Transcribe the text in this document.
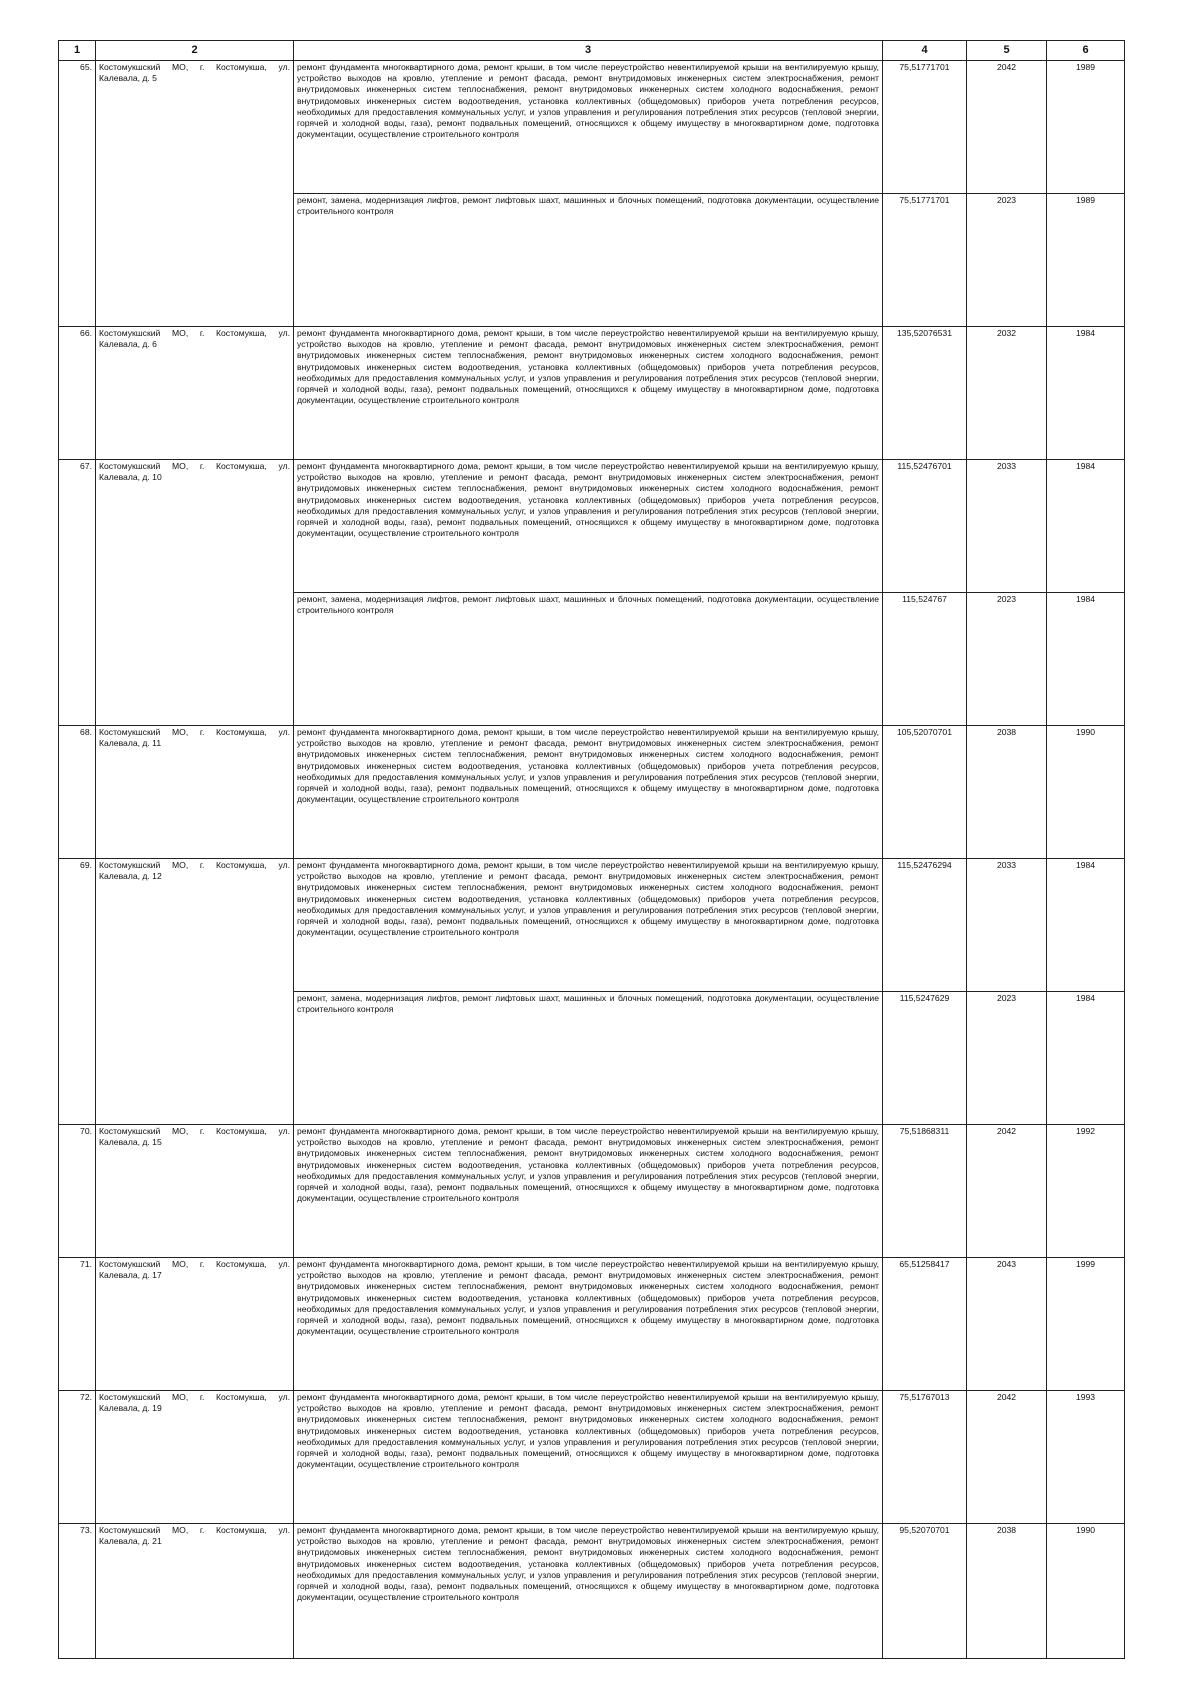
1	2	3	4	5	6
65.	Костомукшский МО, г. Костомукша, ул. Калевала, д. 5	ремонт фундамента многоквартирного дома, ремонт крыши, в том числе переустройство невентилируемой крыши на вентилируемую крышу, устройство выходов на кровлю, утепление и ремонт фасада, ремонт внутридомовых инженерных систем электроснабжения, ремонт внутридомовых инженерных систем теплоснабжения, ремонт внутридомовых инженерных систем холодного водоснабжения, ремонт внутридомовых инженерных систем водоотведения, установка коллективных (общедомовых) приборов учета потребления ресурсов, необходимых для предоставления коммунальных услуг, и узлов управления и регулирования потребления этих ресурсов (тепловой энергии, горячей и холодной воды, газа), ремонт подвальных помещений, относящихся к общему имуществу в многоквартирном доме, подготовка документации, осуществление строительного контроля	75,51771701	2042	1989
		ремонт, замена, модернизация лифтов, ремонт лифтовых шахт, машинных и блочных помещений, подготовка документации, осуществление строительного контроля	75,51771701	2023	1989
66.	Костомукшский МО, г. Костомукша, ул. Калевала, д. 6	ремонт фундамента многоквартирного дома, ремонт крыши, в том числе переустройство невентилируемой крыши на вентилируемую крышу, устройство выходов на кровлю, утепление и ремонт фасада, ремонт внутридомовых инженерных систем электроснабжения, ремонт внутридомовых инженерных систем теплоснабжения, ремонт внутридомовых инженерных систем холодного водоснабжения, ремонт внутридомовых инженерных систем водоотведения, установка коллективных (общедомовых) приборов учета потребления ресурсов, необходимых для предоставления коммунальных услуг, и узлов управления и регулирования потребления этих ресурсов (тепловой энергии, горячей и холодной воды, газа), ремонт подвальных помещений, относящихся к общему имуществу в многоквартирном доме, подготовка документации, осуществление строительного контроля	135,52076531	2032	1984
67.	Костомукшский МО, г. Костомукша, ул. Калевала, д. 10	ремонт фундамента многоквартирного дома, ремонт крыши, в том числе переустройство невентилируемой крыши на вентилируемую крышу, устройство выходов на кровлю, утепление и ремонт фасада, ремонт внутридомовых инженерных систем электроснабжения, ремонт внутридомовых инженерных систем теплоснабжения, ремонт внутридомовых инженерных систем холодного водоснабжения, ремонт внутридомовых инженерных систем водоотведения, установка коллективных (общедомовых) приборов учета потребления ресурсов, необходимых для предоставления коммунальных услуг, и узлов управления и регулирования потребления этих ресурсов (тепловой энергии, горячей и холодной воды, газа), ремонт подвальных помещений, относящихся к общему имуществу в многоквартирном доме, подготовка документации, осуществление строительного контроля	115,52476701	2033	1984
		ремонт, замена, модернизация лифтов, ремонт лифтовых шахт, машинных и блочных помещений, подготовка документации, осуществление строительного контроля	115,524767	2023	1984
68.	Костомукшский МО, г. Костомукша, ул. Калевала, д. 11	ремонт фундамента многоквартирного дома, ремонт крыши, в том числе переустройство невентилируемой крыши на вентилируемую крышу, устройство выходов на кровлю, утепление и ремонт фасада, ремонт внутридомовых инженерных систем электроснабжения, ремонт внутридомовых инженерных систем теплоснабжения, ремонт внутридомовых инженерных систем холодного водоснабжения, ремонт внутридомовых инженерных систем водоотведения, установка коллективных (общедомовых) приборов учета потребления ресурсов, необходимых для предоставления коммунальных услуг, и узлов управления и регулирования потребления этих ресурсов (тепловой энергии, горячей и холодной воды, газа), ремонт подвальных помещений, относящихся к общему имуществу в многоквартирном доме, подготовка документации, осуществление строительного контроля	105,52070701	2038	1990
69.	Костомукшский МО, г. Костомукша, ул. Калевала, д. 12	ремонт фундамента многоквартирного дома, ремонт крыши, в том числе переустройство невентилируемой крыши на вентилируемую крышу, устройство выходов на кровлю, утепление и ремонт фасада, ремонт внутридомовых инженерных систем электроснабжения, ремонт внутридомовых инженерных систем теплоснабжения, ремонт внутридомовых инженерных систем холодного водоснабжения, ремонт внутридомовых инженерных систем водоотведения, установка коллективных (общедомовых) приборов учета потребления ресурсов, необходимых для предоставления коммунальных услуг, и узлов управления и регулирования потребления этих ресурсов (тепловой энергии, горячей и холодной воды, газа), ремонт подвальных помещений, относящихся к общему имуществу в многоквартирном доме, подготовка документации, осуществление строительного контроля	115,52476294	2033	1984
		ремонт, замена, модернизация лифтов, ремонт лифтовых шахт, машинных и блочных помещений, подготовка документации, осуществление строительного контроля	115,5247629	2023	1984
70.	Костомукшский МО, г. Костомукша, ул. Калевала, д. 15	ремонт фундамента многоквартирного дома, ремонт крыши, в том числе переустройство невентилируемой крыши на вентилируемую крышу, устройство выходов на кровлю, утепление и ремонт фасада, ремонт внутридомовых инженерных систем электроснабжения, ремонт внутридомовых инженерных систем теплоснабжения, ремонт внутридомовых инженерных систем холодного водоснабжения, ремонт внутридомовых инженерных систем водоотведения, установка коллективных (общедомовых) приборов учета потребления ресурсов, необходимых для предоставления коммунальных услуг, и узлов управления и регулирования потребления этих ресурсов (тепловой энергии, горячей и холодной воды, газа), ремонт подвальных помещений, относящихся к общему имуществу в многоквартирном доме, подготовка документации, осуществление строительного контроля	75,51868311	2042	1992
71.	Костомукшский МО, г. Костомукша, ул. Калевала, д. 17	ремонт фундамента многоквартирного дома, ремонт крыши, в том числе переустройство невентилируемой крыши на вентилируемую крышу, устройство выходов на кровлю, утепление и ремонт фасада, ремонт внутридомовых инженерных систем электроснабжения, ремонт внутридомовых инженерных систем теплоснабжения, ремонт внутридомовых инженерных систем холодного водоснабжения, ремонт внутридомовых инженерных систем водоотведения, установка коллективных (общедомовых) приборов учета потребления ресурсов, необходимых для предоставления коммунальных услуг, и узлов управления и регулирования потребления этих ресурсов (тепловой энергии, горячей и холодной воды, газа), ремонт подвальных помещений, относящихся к общему имуществу в многоквартирном доме, подготовка документации, осуществление строительного контроля	65,51258417	2043	1999
72.	Костомукшский МО, г. Костомукша, ул. Калевала, д. 19	ремонт фундамента многоквартирного дома, ремонт крыши, в том числе переустройство невентилируемой крыши на вентилируемую крышу, устройство выходов на кровлю, утепление и ремонт фасада, ремонт внутридомовых инженерных систем электроснабжения, ремонт внутридомовых инженерных систем теплоснабжения, ремонт внутридомовых инженерных систем холодного водоснабжения, ремонт внутридомовых инженерных систем водоотведения, установка коллективных (общедомовых) приборов учета потребления ресурсов, необходимых для предоставления коммунальных услуг, и узлов управления и регулирования потребления этих ресурсов (тепловой энергии, горячей и холодной воды, газа), ремонт подвальных помещений, относящихся к общему имуществу в многоквартирном доме, подготовка документации, осуществление строительного контроля	75,51767013	2042	1993
73.	Костомукшский МО, г. Костомукша, ул. Калевала, д. 21	ремонт фундамента многоквартирного дома, ремонт крыши, в том числе переустройство невентилируемой крыши на вентилируемую крышу, устройство выходов на кровлю, утепление и ремонт фасада, ремонт внутридомовых инженерных систем электроснабжения, ремонт внутридомовых инженерных систем теплоснабжения, ремонт внутридомовых инженерных систем холодного водоснабжения, ремонт внутридомовых инженерных систем водоотведения, установка коллективных (общедомовых) приборов учета потребления ресурсов, необходимых для предоставления коммунальных услуг, и узлов управления и регулирования потребления этих ресурсов (тепловой энергии, горячей и холодной воды, газа), ремонт подвальных помещений, относящихся к общему имуществу в многоквартирном доме, подготовка документации, осуществление строительного контроля	95,52070701	2038	1990
